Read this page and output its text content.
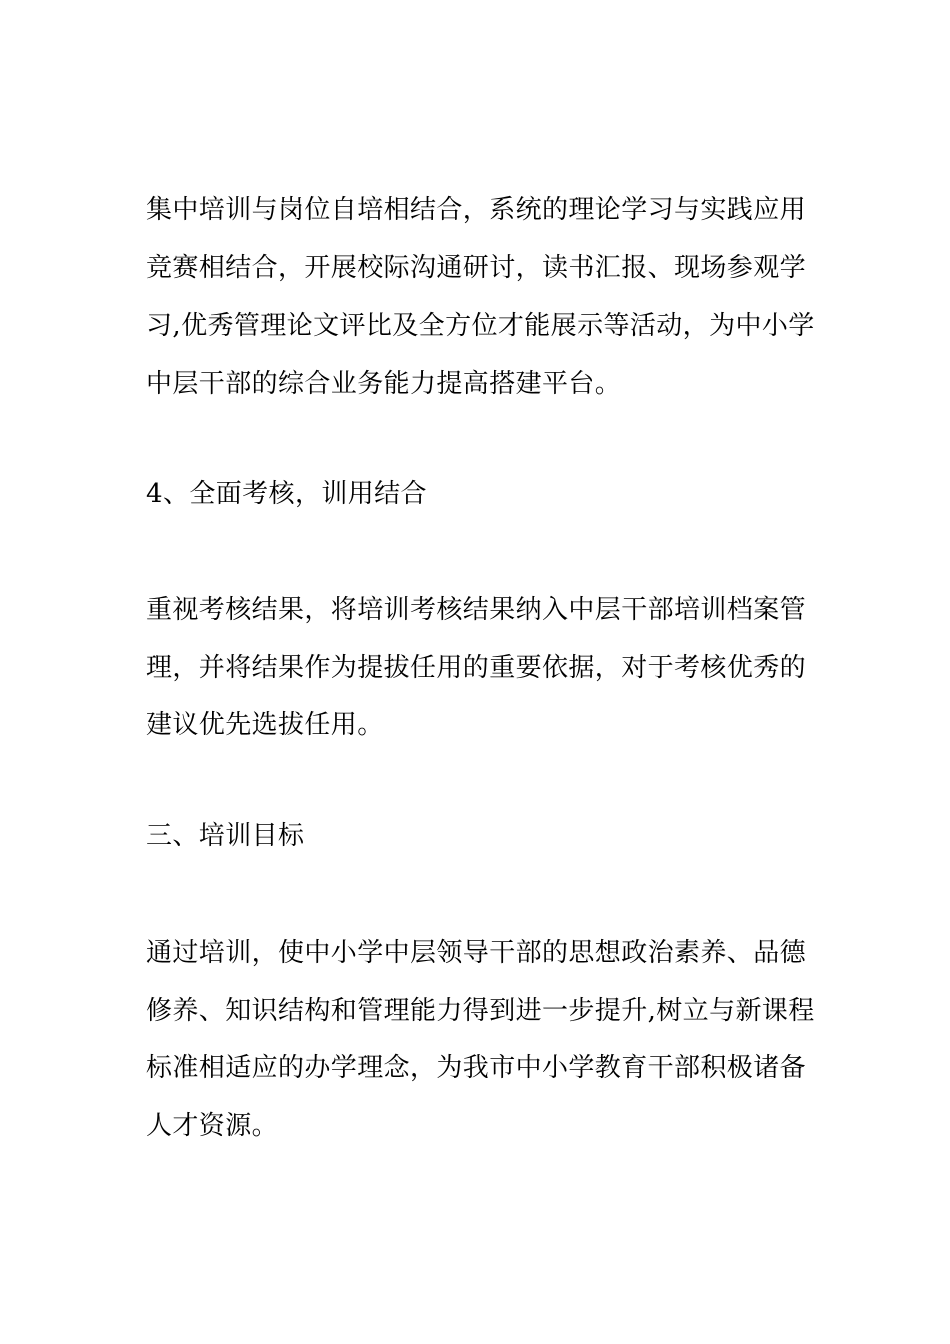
集中培训与岗位自培相结合，系统的理论学习与实践应用
竞赛相结合，开展校际沟通研讨，读书汇报、现场参观学
习,优秀管理论文评比及全方位才能展示等活动，为中小学
中层干部的综合业务能力提高搭建平台。
4、全面考核，训用结合
重视考核结果，将培训考核结果纳入中层干部培训档案管
理，并将结果作为提拔任用的重要依据，对于考核优秀的
建议优先选拔任用。
三、培训目标
通过培训，使中小学中层领导干部的思想政治素养、品德
修养、知识结构和管理能力得到进一步提升,树立与新课程
标准相适应的办学理念，为我市中小学教育干部积极诸备
人才资源。
